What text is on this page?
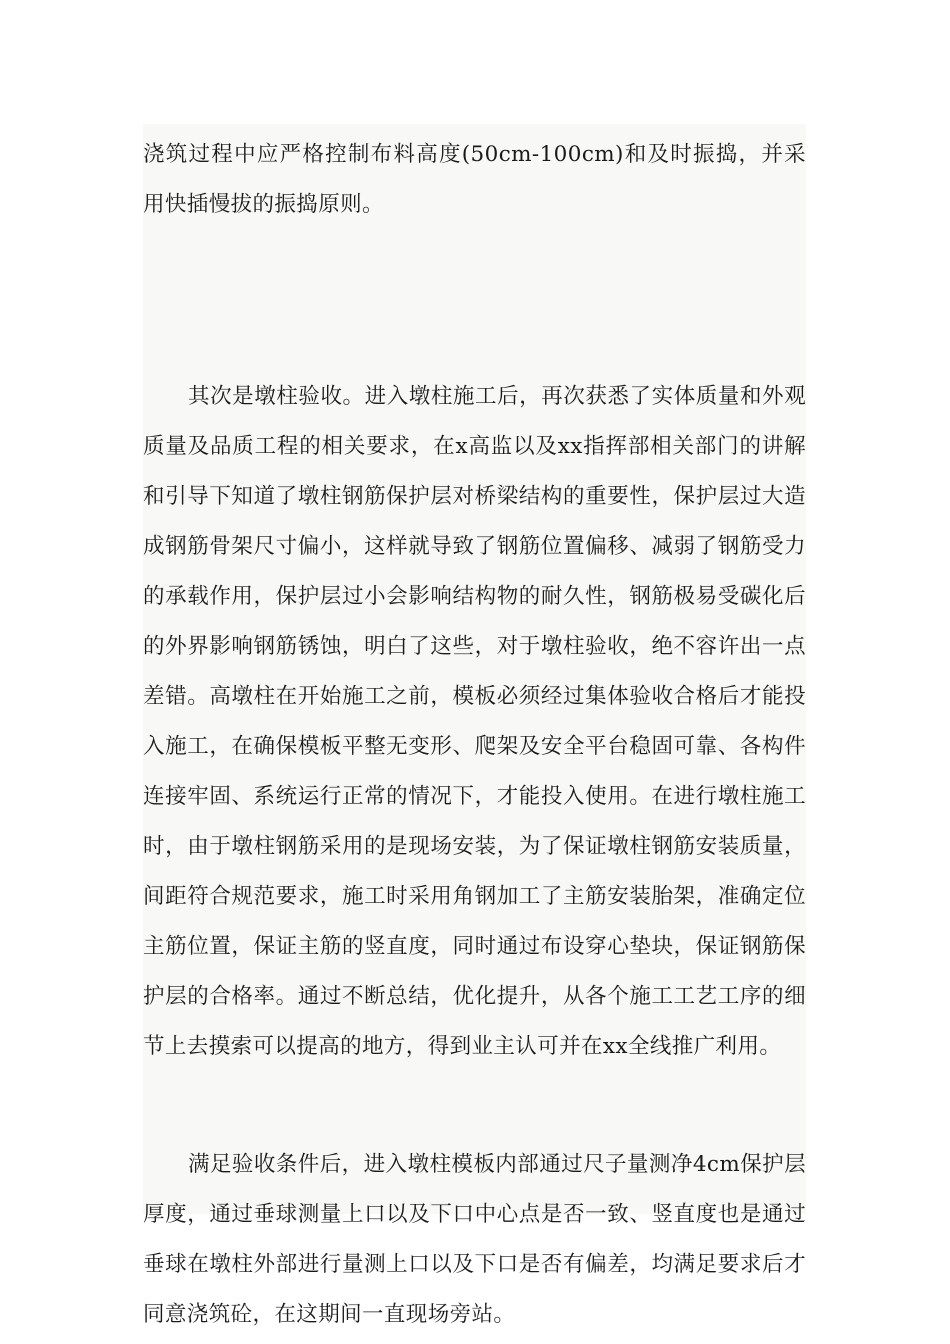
浇筑过程中应严格控制布料高度(50cm-100cm)和及时振捣，并采用快插慢拔的振捣原则。

其次是墩柱验收。进入墩柱施工后，再次获悉了实体质量和外观质量及品质工程的相关要求，在x高监以及xx指挥部相关部门的讲解和引导下知道了墩柱钢筋保护层对桥梁结构的重要性，保护层过大造成钢筋骨架尺寸偏小，这样就导致了钢筋位置偏移、减弱了钢筋受力的承载作用，保护层过小会影响结构物的耐久性，钢筋极易受碳化后的外界影响钢筋锈蚀，明白了这些，对于墩柱验收，绝不容许出一点差错。高墩柱在开始施工之前，模板必须经过集体验收合格后才能投入施工，在确保模板平整无变形、爬架及安全平台稳固可靠、各构件连接牢固、系统运行正常的情况下，才能投入使用。在进行墩柱施工时，由于墩柱钢筋采用的是现场安装，为了保证墩柱钢筋安装质量，间距符合规范要求，施工时采用角钢加工了主筋安装胎架，准确定位主筋位置，保证主筋的竖直度，同时通过布设穿心垫块，保证钢筋保护层的合格率。通过不断总结，优化提升，从各个施工工艺工序的细节上去摸索可以提高的地方，得到业主认可并在xx全线推广利用。

满足验收条件后，进入墩柱模板内部通过尺子量测净4cm保护层厚度，通过垂球测量上口以及下口中心点是否一致、竖直度也是通过垂球在墩柱外部进行量测上口以及下口是否有偏差，均满足要求后才同意浇筑砼，在这期间一直现场旁站。
